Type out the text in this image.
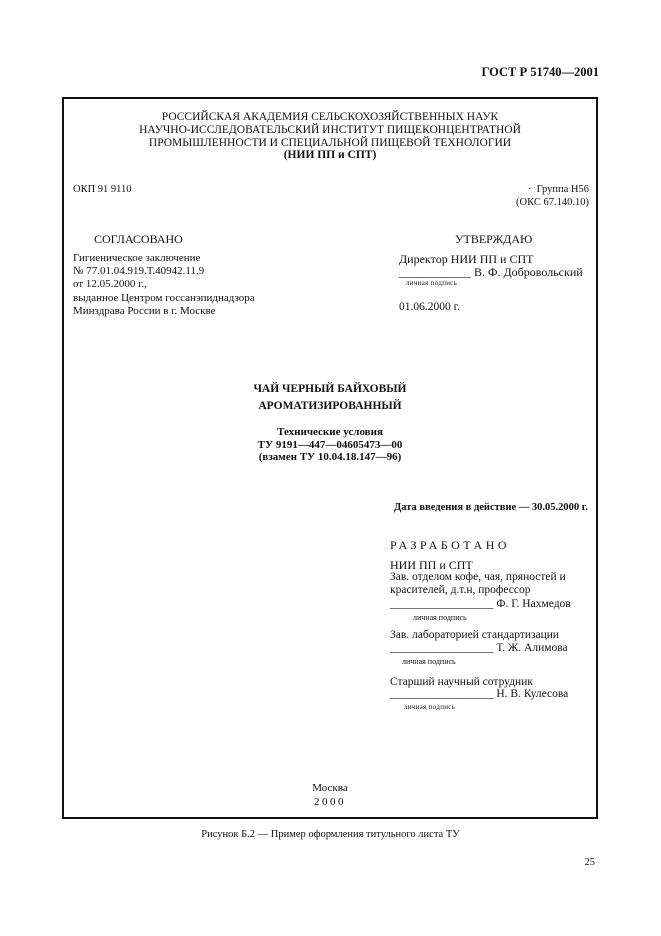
ГОСТ Р 51740—2001
РОССИЙСКАЯ АКАДЕМИЯ СЕЛЬСКОХОЗЯЙСТВЕННЫХ НАУК
НАУЧНО-ИССЛЕДОВАТЕЛЬСКИЙ ИНСТИТУТ ПИЩЕКОНЦЕНТРАТНОЙ
ПРОМЫШЛЕННОСТИ И СПЕЦИАЛЬНОЙ ПИЩЕВОЙ ТЕХНОЛОГИИ
(НИИ ПП и СПТ)
ОКП 91 9110	· Группа Н56
(ОКС 67.140.10)
СОГЛАСОВАНО
Гигиеническое заключение
№ 77.01.04.919.Т.40942.11.9
от 12.05.2000 г.,
выданное Центром госсанэпиднадзора
Минздрава России в г. Москве
УТВЕРЖДАЮ
Директор НИИ ПП и СПТ
____________ В. Ф. Добровольский
личная подпись
01.06.2000 г.
ЧАЙ ЧЕРНЫЙ БАЙХОВЫЙ
АРОМАТИЗИРОВАННЫЙ
Технические условия
ТУ 9191—447—04605473—00
(взамен ТУ 10.04.18.147—96)
Дата введения в действие — 30.05.2000 г.
РАЗРАБОТАНО
НИИ ПП и СПТ
Зав. отделом кофе, чая, пряностей и
красителей, д.т.н, профессор
__________________ Ф. Г. Нахмедов
личная подпись
Зав. лабораторией стандартизации
__________________ Т. Ж. Алимова
личная подпись
Старший научный сотрудник
__________________ Н. В. Кулесова
личная подпись
Москва
2000
Рисунок Б.2 — Пример оформления титульного листа ТУ
25
